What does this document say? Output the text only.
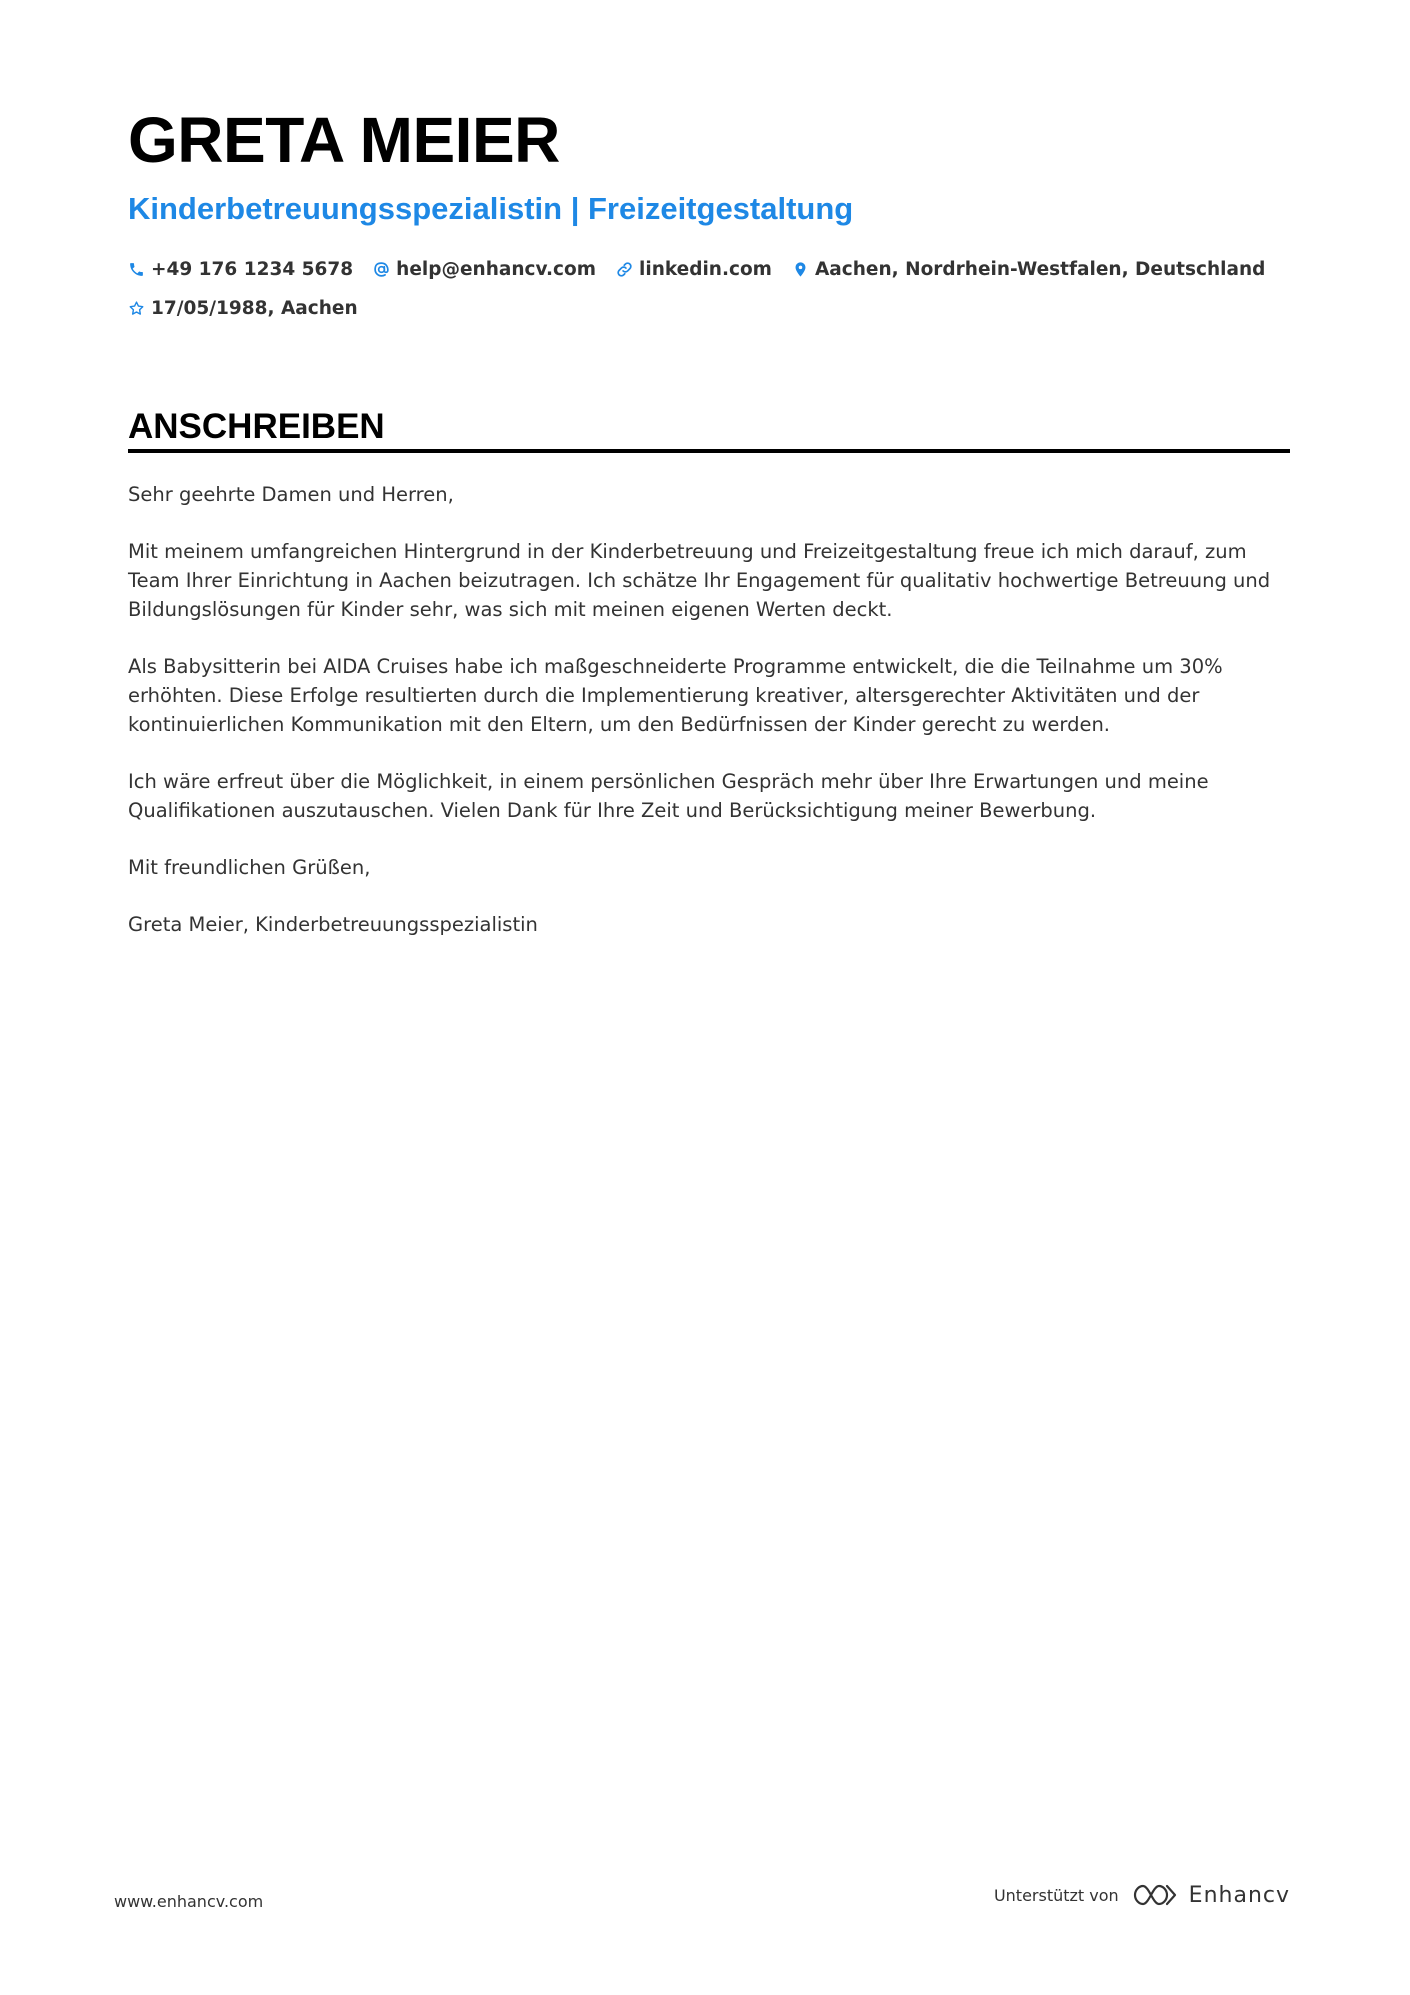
GRETA MEIER
Kinderbetreuungsspezialistin | Freizeitgestaltung
+49 176 1234 5678 help@enhancv.com linkedin.com Aachen, Nordrhein-Westfalen, Deutschland
17/05/1988, Aachen
ANSCHREIBEN

Sehr geehrte Damen und Herren,

Mit meinem umfangreichen Hintergrund in der Kinderbetreuung und Freizeitgestaltung freue ich mich darauf, zum Team Ihrer Einrichtung in Aachen beizutragen. Ich schätze Ihr Engagement für qualitativ hochwertige Betreuung und Bildungslösungen für Kinder sehr, was sich mit meinen eigenen Werten deckt.

Als Babysitterin bei AIDA Cruises habe ich maßgeschneiderte Programme entwickelt, die die Teilnahme um 30% erhöhten. Diese Erfolge resultierten durch die Implementierung kreativer, altersgerechter Aktivitäten und der kontinuierlichen Kommunikation mit den Eltern, um den Bedürfnissen der Kinder gerecht zu werden.

Ich wäre erfreut über die Möglichkeit, in einem persönlichen Gespräch mehr über Ihre Erwartungen und meine Qualifikationen auszutauschen. Vielen Dank für Ihre Zeit und Berücksichtigung meiner Bewerbung.

Mit freundlichen Grüßen,

Greta Meier, Kinderbetreuungsspezialistin

www.enhancv.com	Unterstützt von	Enhancv
